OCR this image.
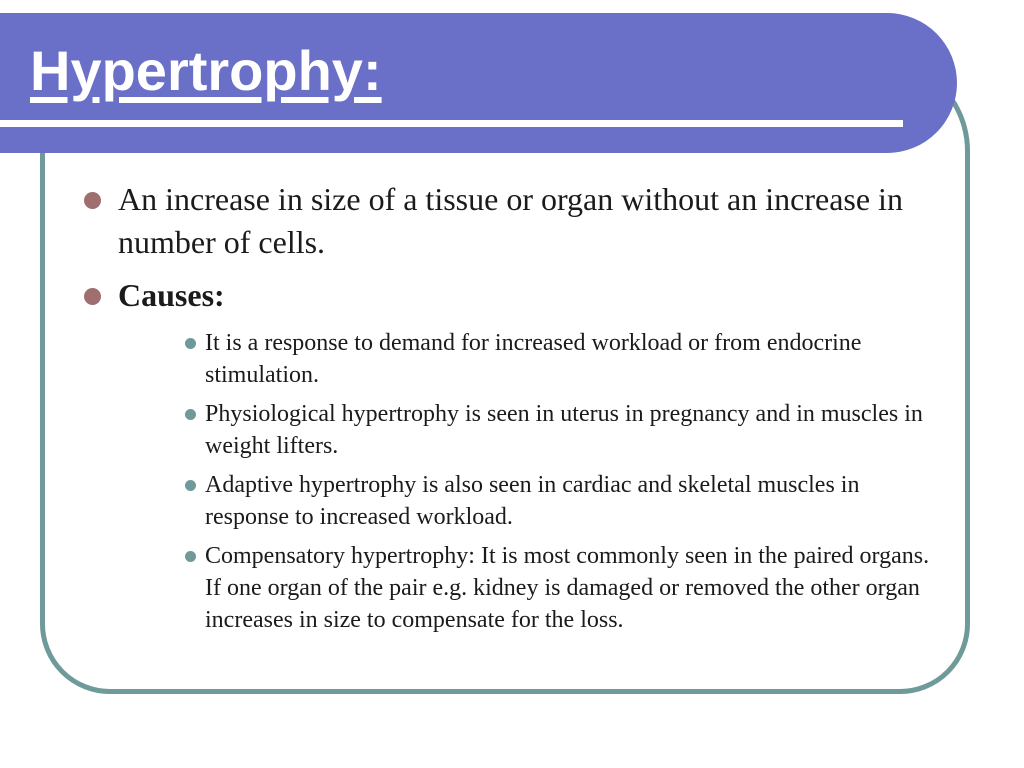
Hypertrophy:
An increase in size of a tissue or organ without an increase in number of cells.
Causes:
It is a response to demand for increased workload or from endocrine stimulation.
Physiological hypertrophy is seen in uterus in pregnancy and in muscles in weight lifters.
Adaptive hypertrophy is also seen in cardiac and skeletal muscles in response to increased workload.
Compensatory hypertrophy: It is most commonly seen in the paired organs. If one organ of the pair e.g. kidney is damaged or removed the other organ increases in size to compensate for the loss.
